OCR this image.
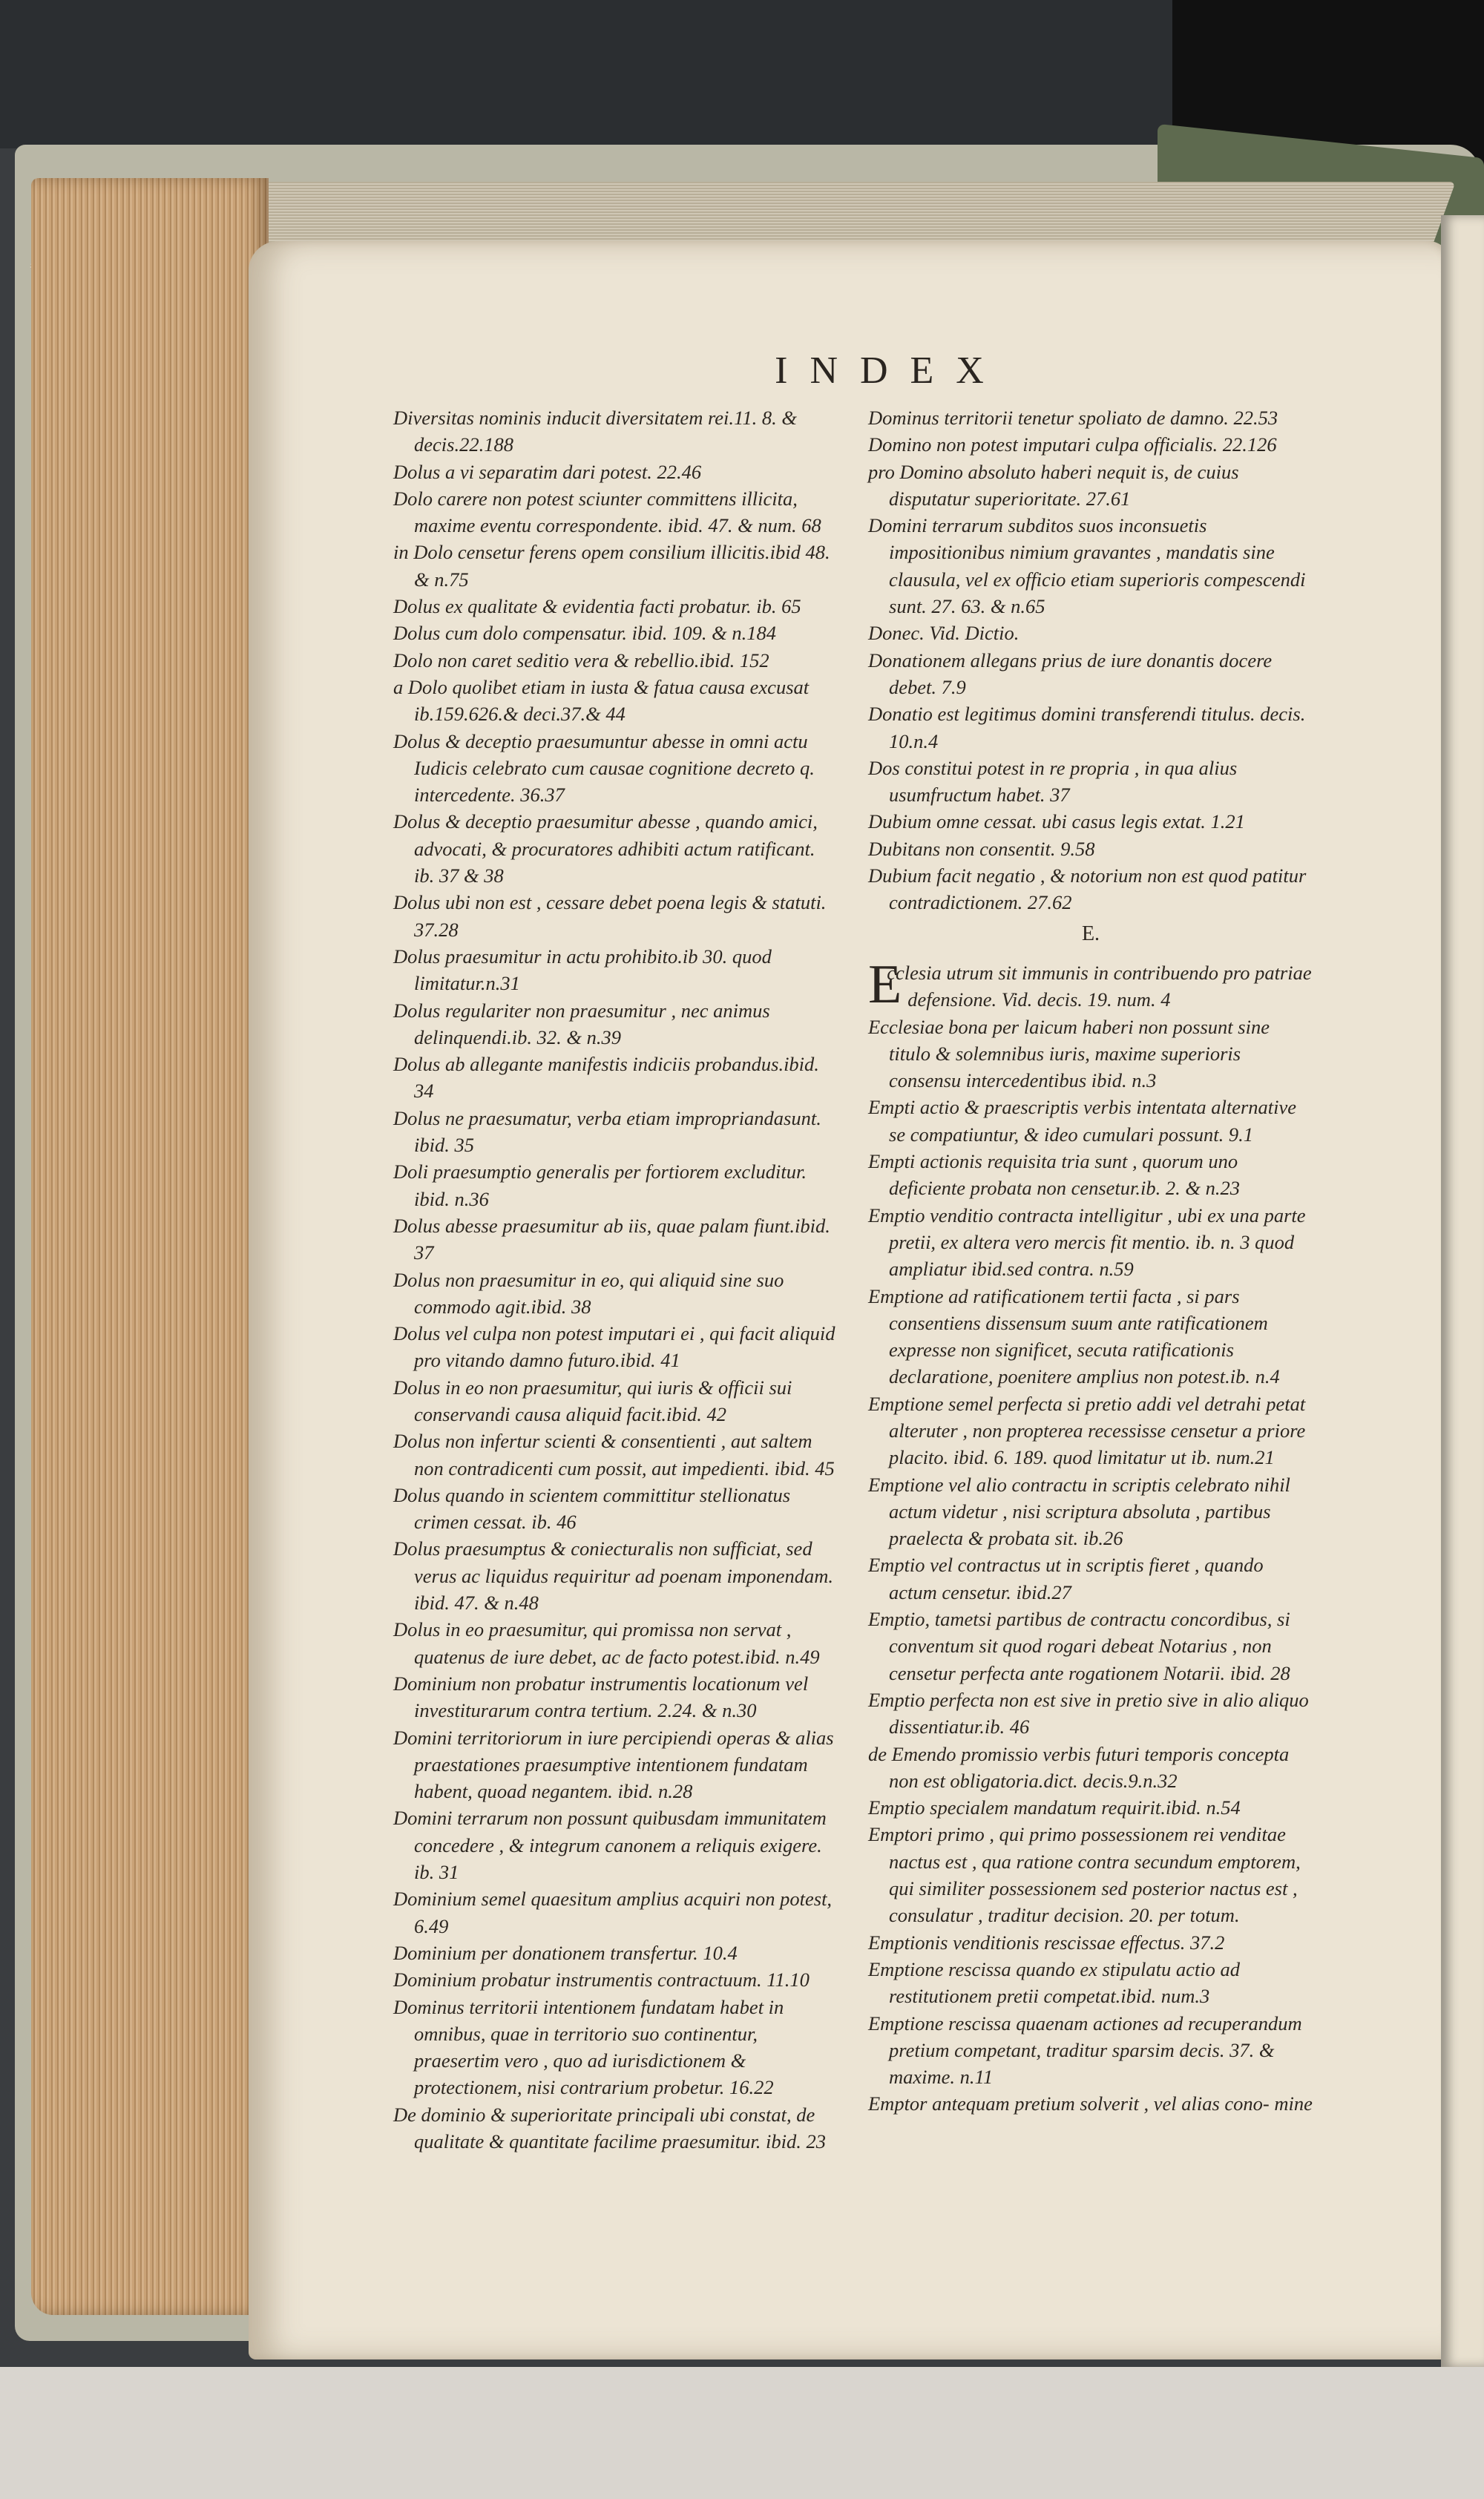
INDEX

Diversitas nominis inducit diversitatem rei.11. 8. & decis.22.188

Dolus a vi separatim dari potest. 22.46

Dolo carere non potest sciunter committens illicita, maxime eventu correspondente. ibid. 47. & num. 68

in Dolo censetur ferens opem consilium illicitis.ibid 48. & n.75

Dolus ex qualitate & evidentia facti probatur. ib. 65

Dolus cum dolo compensatur. ibid. 109. & n.184

Dolo non caret seditio vera & rebellio.ibid. 152

a Dolo quolibet etiam in iusta & fatua causa excusat ib.159.626.& deci.37.& 44

Dolus & deceptio praesumuntur abesse in omni actu Iudicis celebrato cum causae cognitione decreto q. intercedente. 36.37

Dolus & deceptio praesumitur abesse , quando amici, advocati, & procuratores adhibiti actum ratificant. ib. 37 & 38

Dolus ubi non est , cessare debet poena legis & statuti. 37.28

Dolus praesumitur in actu prohibito.ib 30. quod limitatur.n.31

Dolus regulariter non praesumitur , nec animus delinquendi.ib. 32. & n.39

Dolus ab allegante manifestis indiciis probandus.ibid. 34

Dolus ne praesumatur, verba etiam impropriandasunt. ibid. 35

Doli praesumptio generalis per fortiorem excluditur. ibid. n.36

Dolus abesse praesumitur ab iis, quae palam fiunt.ibid. 37

Dolus non praesumitur in eo, qui aliquid sine suo commodo agit.ibid. 38

Dolus vel culpa non potest imputari ei , qui facit aliquid pro vitando damno futuro.ibid. 41

Dolus in eo non praesumitur, qui iuris & officii sui conservandi causa aliquid facit.ibid. 42

Dolus non infertur scienti & consentienti , aut saltem non contradicenti cum possit, aut impedienti. ibid. 45

Dolus quando in scientem committitur stellionatus crimen cessat. ib. 46

Dolus praesumptus & coniecturalis non sufficiat, sed verus ac liquidus requiritur ad poenam imponendam. ibid. 47. & n.48

Dolus in eo praesumitur, qui promissa non servat , quatenus de iure debet, ac de facto potest.ibid. n.49

Dominium non probatur instrumentis locationum vel investiturarum contra tertium. 2.24. & n.30

Domini territoriorum in iure percipiendi operas & alias praestationes praesumptive intentionem fundatam habent, quoad negantem. ibid. n.28

Domini terrarum non possunt quibusdam immunitatem concedere , & integrum canonem a reliquis exigere. ib. 31

Dominium semel quaesitum amplius acquiri non potest, 6.49

Dominium per donationem transfertur. 10.4

Dominium probatur instrumentis contractuum. 11.10

Dominus territorii intentionem fundatam habet in omnibus, quae in territorio suo continentur, praesertim vero , quo ad iurisdictionem & protectionem, nisi contrarium probetur. 16.22

De dominio & superioritate principali ubi constat, de qualitate & quantitate facilime praesumitur. ibid. 23

Dominus territorii tenetur spoliato de damno. 22.53

Domino non potest imputari culpa officialis. 22.126

pro Domino absoluto haberi nequit is, de cuius disputatur superioritate. 27.61

Domini terrarum subditos suos inconsuetis impositionibus nimium gravantes , mandatis sine clausula, vel ex officio etiam superioris compescendi sunt. 27. 63. & n.65

Donec. Vid. Dictio.

Donationem allegans prius de iure donantis docere debet. 7.9

Donatio est legitimus domini transferendi titulus. decis. 10.n.4

Dos constitui potest in re propria , in qua alius usumfructum habet. 37

Dubium omne cessat. ubi casus legis extat. 1.21

Dubitans non consentit. 9.58

Dubium facit negatio , & notorium non est quod patitur contradictionem. 27.62

E.

E
cclesia utrum sit immunis in contribuendo pro patriae defensione. Vid. decis. 19. num. 4

Ecclesiae bona per laicum haberi non possunt sine titulo & solemnibus iuris, maxime superioris consensu intercedentibus ibid. n.3

Empti actio & praescriptis verbis intentata alternative se compatiuntur, & ideo cumulari possunt. 9.1

Empti actionis requisita tria sunt , quorum uno deficiente probata non censetur.ib. 2. & n.23

Emptio venditio contracta intelligitur , ubi ex una parte pretii, ex altera vero mercis fit mentio. ib. n. 3 quod ampliatur ibid.sed contra. n.59

Emptione ad ratificationem tertii facta , si pars consentiens dissensum suum ante ratificationem expresse non significet, secuta ratificationis declaratione, poenitere amplius non potest.ib. n.4

Emptione semel perfecta si pretio addi vel detrahi petat alteruter , non propterea recessisse censetur a priore placito. ibid. 6. 189. quod limitatur ut ib. num.21

Emptione vel alio contractu in scriptis celebrato nihil actum videtur , nisi scriptura absoluta , partibus praelecta & probata sit. ib.26

Emptio vel contractus ut in scriptis fieret , quando actum censetur. ibid.27

Emptio, tametsi partibus de contractu concordibus, si conventum sit quod rogari debeat Notarius , non censetur perfecta ante rogationem Notarii. ibid. 28

Emptio perfecta non est sive in pretio sive in alio aliquo dissentiatur.ib. 46

de Emendo promissio verbis futuri temporis concepta non est obligatoria.dict. decis.9.n.32

Emptio specialem mandatum requirit.ibid. n.54

Emptori primo , qui primo possessionem rei venditae nactus est , qua ratione contra secundum emptorem, qui similiter possessionem sed posterior nactus est , consulatur , traditur decision. 20. per totum.

Emptionis venditionis rescissae effectus. 37.2

Emptione rescissa quando ex stipulatu actio ad restitutionem pretii competat.ibid. num.3

Emptione rescissa quaenam actiones ad recuperandum pretium competant, traditur sparsim decis. 37. & maxime. n.11

Emptor antequam pretium solverit , vel alias cono- mine
